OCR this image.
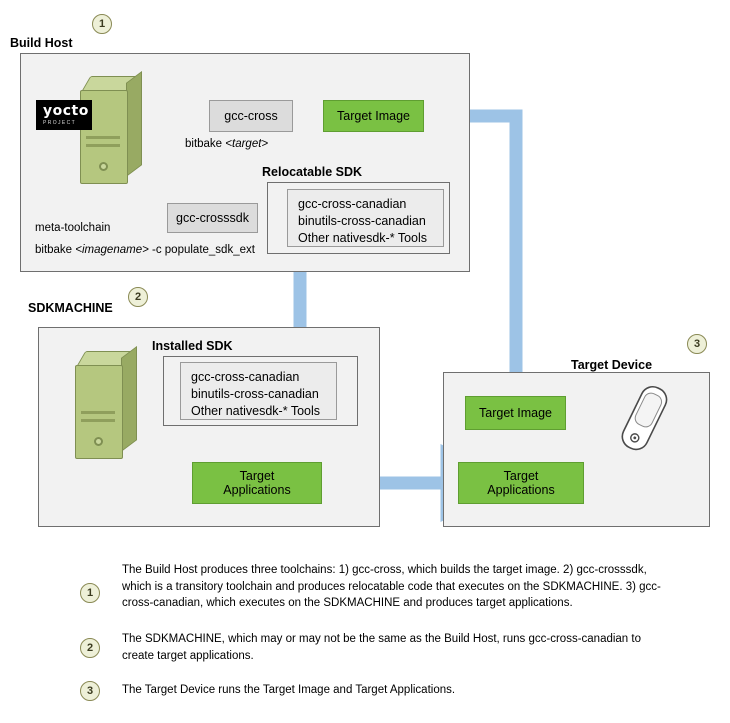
Build Host
1
yocto
PROJECT	gcc-cross	Target Image
bitbake <target>
Relocatable SDK
gcc-cross-canadian
binutils-cross-canadian
Other nativesdk-* Tools
gcc-crosssdk
meta-toolchain
bitbake <imagename> -c populate_sdk_ext
SDKMACHINE
2
Installed SDK
gcc-cross-canadian
binutils-cross-canadian
Other nativesdk-* Tools
Target
Applications
Target Device
3
Target Image
Target
Applications
1
The Build Host produces three toolchains: 1) gcc-cross, which builds the target image. 2) gcc-crosssdk, which is a transitory toolchain and produces relocatable code that executes on the SDKMACHINE. 3) gcc-cross-canadian, which executes on the SDKMACHINE and produces target applications.
2
The SDKMACHINE, which may or may not be the same as the Build Host, runs gcc-cross-canadian to create target applications.
3	The Target Device runs the Target Image and Target Applications.
